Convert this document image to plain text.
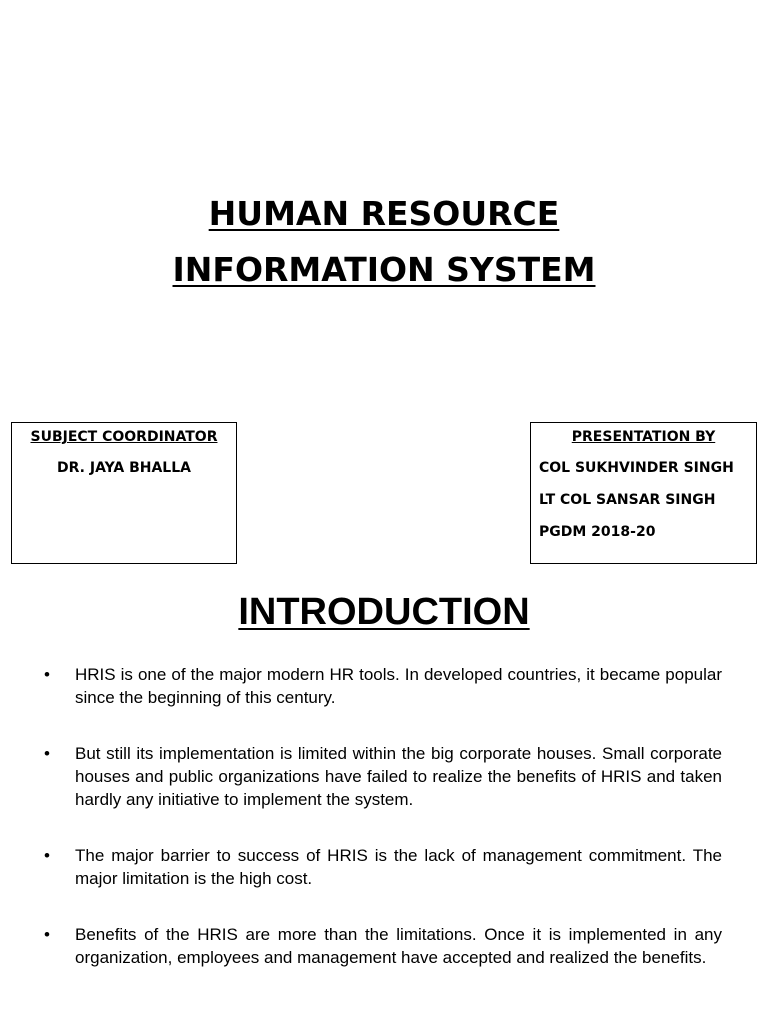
HUMAN RESOURCE
INFORMATION SYSTEM
SUBJECT COORDINATOR
DR. JAYA BHALLA
PRESENTATION BY
COL SUKHVINDER SINGH
LT COL SANSAR SINGH
PGDM 2018-20
INTRODUCTION
• HRIS is one of the major modern HR tools. In developed countries, it became popular since the beginning of this century.
• But still its implementation is limited within the big corporate houses. Small corporate houses and public organizations have failed to realize the benefits of HRIS and taken hardly any initiative to implement the system.
• The major barrier to success of HRIS is the lack of management commitment. The major limitation is the high cost.
• Benefits of the HRIS are more than the limitations. Once it is implemented in any organization, employees and management have accepted and realized the benefits.
